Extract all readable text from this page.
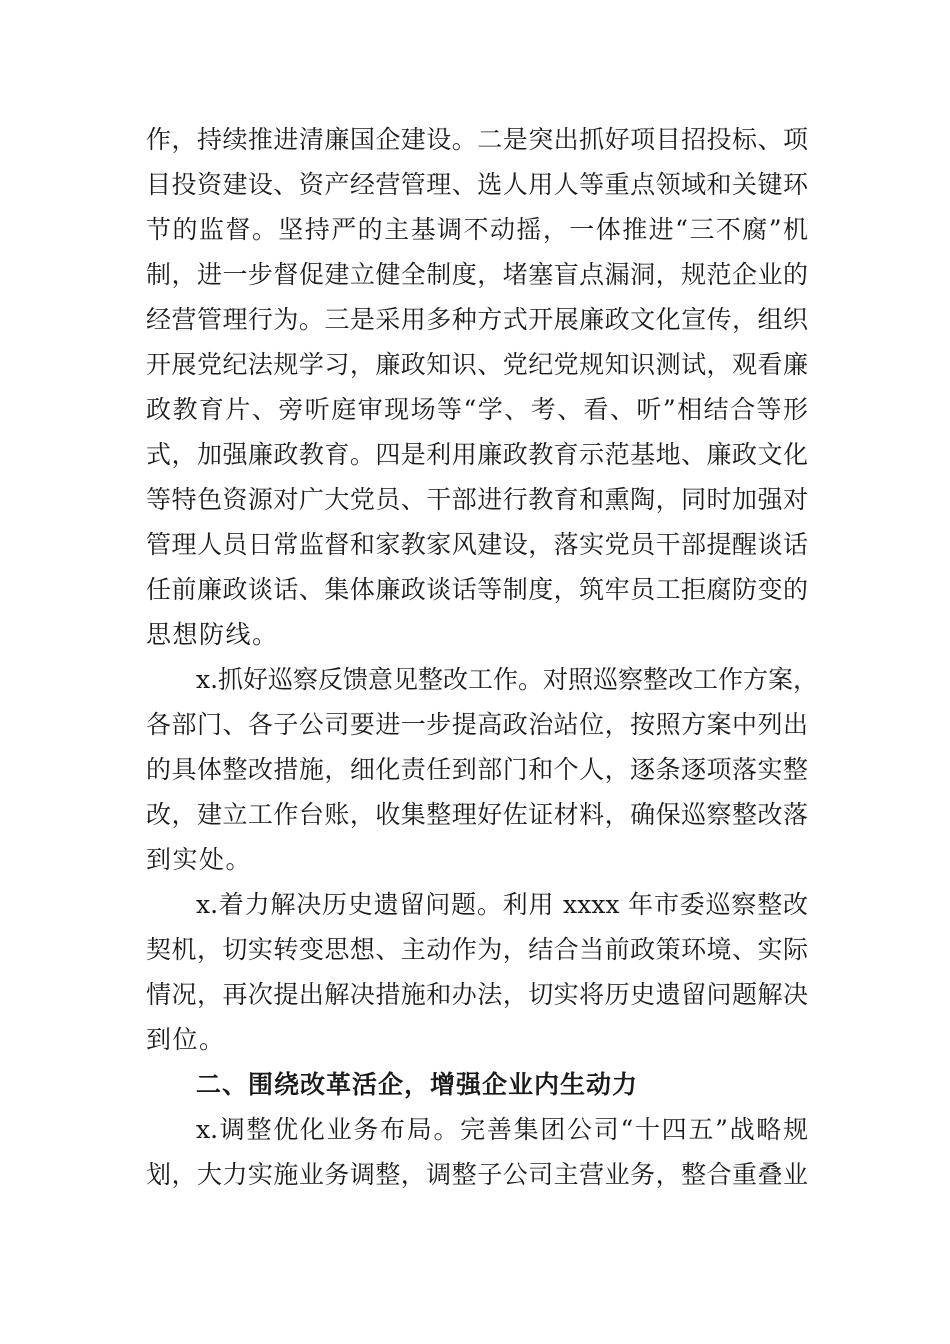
作，持续推进清廉国企建设。二是突出抓好项目招投标、项
目投资建设、资产经营管理、选人用人等重点领域和关键环
节的监督。坚持严的主基调不动摇，一体推进“三不腐”机
制，进一步督促建立健全制度，堵塞盲点漏洞，规范企业的
经营管理行为。三是采用多种方式开展廉政文化宣传，组织
开展党纪法规学习，廉政知识、党纪党规知识测试，观看廉
政教育片、旁听庭审现场等“学、考、看、听”相结合等形
式，加强廉政教育。四是利用廉政教育示范基地、廉政文化
等特色资源对广大党员、干部进行教育和熏陶，同时加强对
管理人员日常监督和家教家风建设，落实党员干部提醒谈话
任前廉政谈话、集体廉政谈话等制度，筑牢员工拒腐防变的
思想防线。
x.抓好巡察反馈意见整改工作。对照巡察整改工作方案，
各部门、各子公司要进一步提高政治站位，按照方案中列出
的具体整改措施，细化责任到部门和个人，逐条逐项落实整
改，建立工作台账，收集整理好佐证材料，确保巡察整改落
到实处。
x.着力解决历史遗留问题。利用 xxxx 年市委巡察整改
契机，切实转变思想、主动作为，结合当前政策环境、实际
情况，再次提出解决措施和办法，切实将历史遗留问题解决
到位。
二、围绕改革活企，增强企业内生动力
x.调整优化业务布局。完善集团公司“十四五”战略规
划，大力实施业务调整，调整子公司主营业务，整合重叠业
